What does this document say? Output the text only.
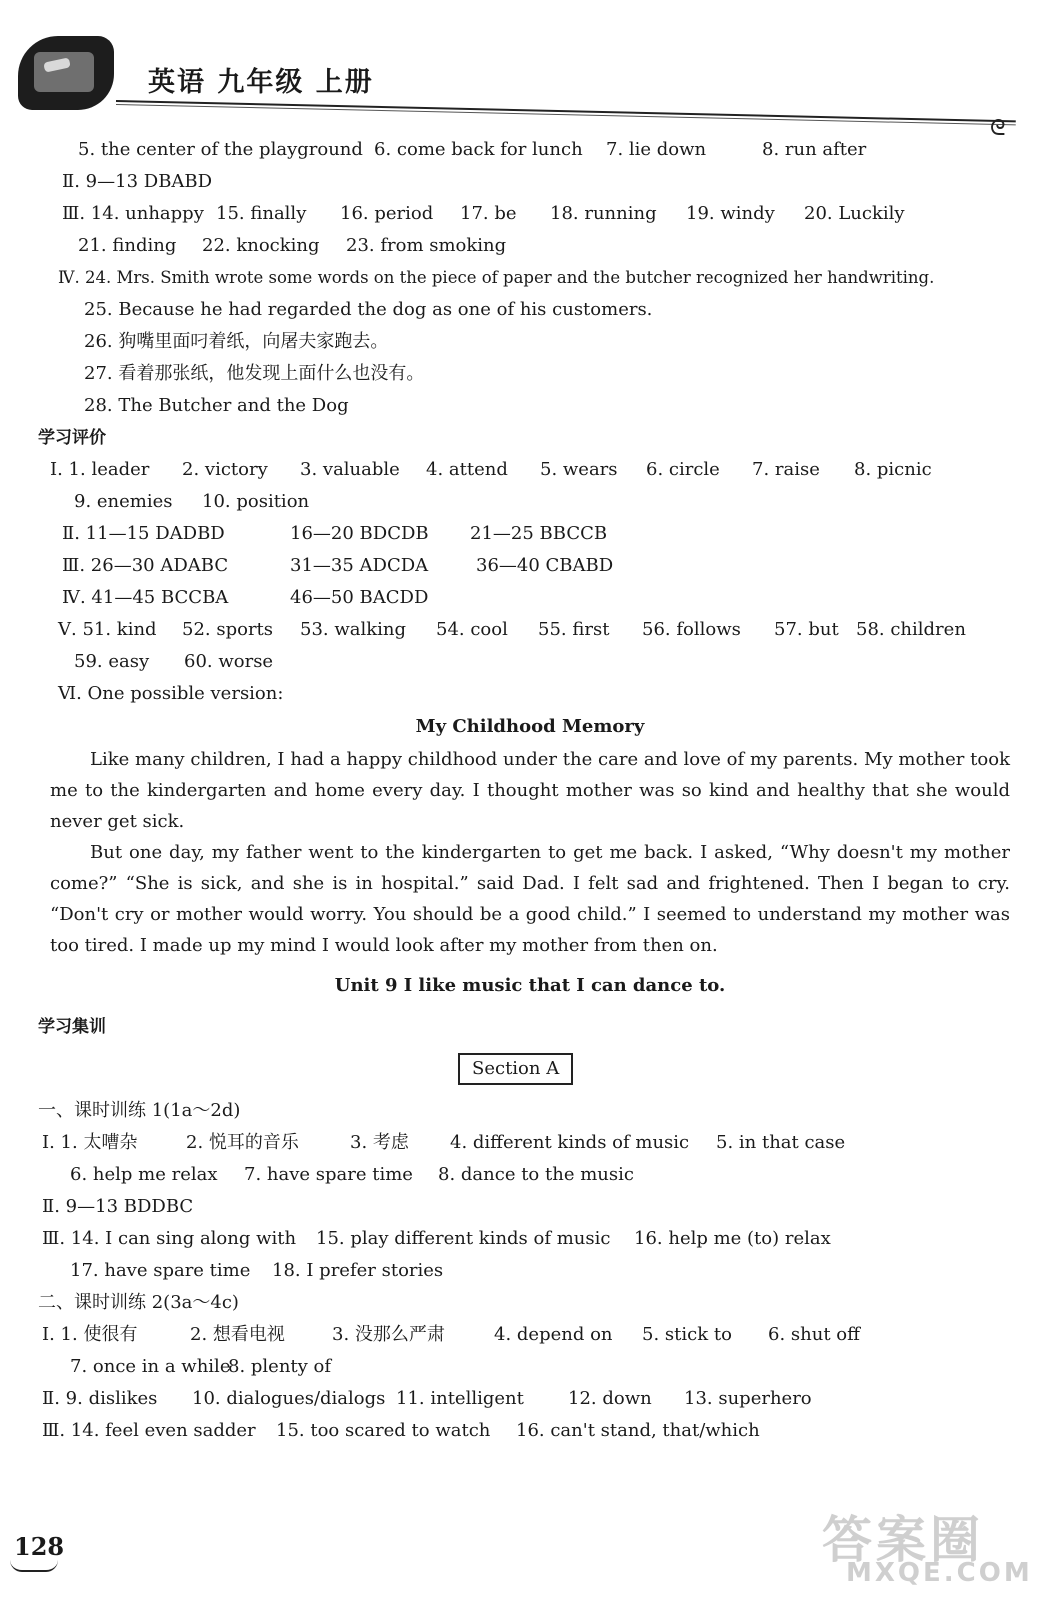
英语 九年级 上册
ᘓ
5. the center of the playground 6. come back for lunch 7. lie down	8. run after
Ⅱ. 9—13 DBABD
Ⅲ. 14. unhappy 15. finally 16. period 17. be 18. running 19. windy 20. Luckily
21. finding 22. knocking 23. from smoking
Ⅳ. 24. Mrs. Smith wrote some words on the piece of paper and the butcher recognized her handwriting.
25. Because he had regarded the dog as one of his customers.
26. 狗嘴里面叼着纸，向屠夫家跑去。
27. 看着那张纸，他发现上面什么也没有。
28. The Butcher and the Dog
学习评价
Ⅰ. 1. leader 2. victory 3. valuable 4. attend 5. wears 6. circle 7. raise 8. picnic
9. enemies 10. position
Ⅱ. 11—15 DADBD	16—20 BDCDB 21—25 BBCCB
Ⅲ. 26—30 ADABC	31—35 ADCDA	36—40 CBABD
Ⅳ. 41—45 BCCBA	46—50 BACDD
Ⅴ. 51. kind 52. sports 53. walking 54. cool 55. first 56. follows 57. but 58. children
59. easy 60. worse
Ⅵ. One possible version:
My Childhood Memory

Like many children, I had a happy childhood under the care and love of my parents. My mother took me to the kindergarten and home every day. I thought mother was so kind and healthy that she would never get sick.

But one day, my father went to the kindergarten to get me back. I asked, “Why doesn't my mother come?” “She is sick, and she is in hospital.” said Dad. I felt sad and frightened. Then I began to cry. “Don't cry or mother would worry. You should be a good child.” I seemed to understand my mother was too tired. I made up my mind I would look after my mother from then on.

Unit 9 I like music that I can dance to.
学习集训
Section A
一、课时训练 1(1a～2d)
Ⅰ. 1. 太嘈杂	2. 悦耳的音乐	3. 考虑 4. different kinds of music 5. in that case
6. help me relax 7. have spare time 8. dance to the music
Ⅱ. 9—13 BDDBC
Ⅲ. 14. I can sing along with 15. play different kinds of music 16. help me (to) relax
17. have spare time 18. I prefer stories
二、课时训练 2(3a～4c)
Ⅰ. 1. 使很有	2. 想看电视	3. 没那么严肃	4. depend on 5. stick to 6. shut off
7. once in a while
8. plenty of
Ⅱ. 9. dislikes 10. dialogues/dialogs 11. intelligent 12. down 13. superhero
Ⅲ. 14. feel even sadder 15. too scared to watch 16. can't stand, that/which
128	答案圈
MXQE.COM
